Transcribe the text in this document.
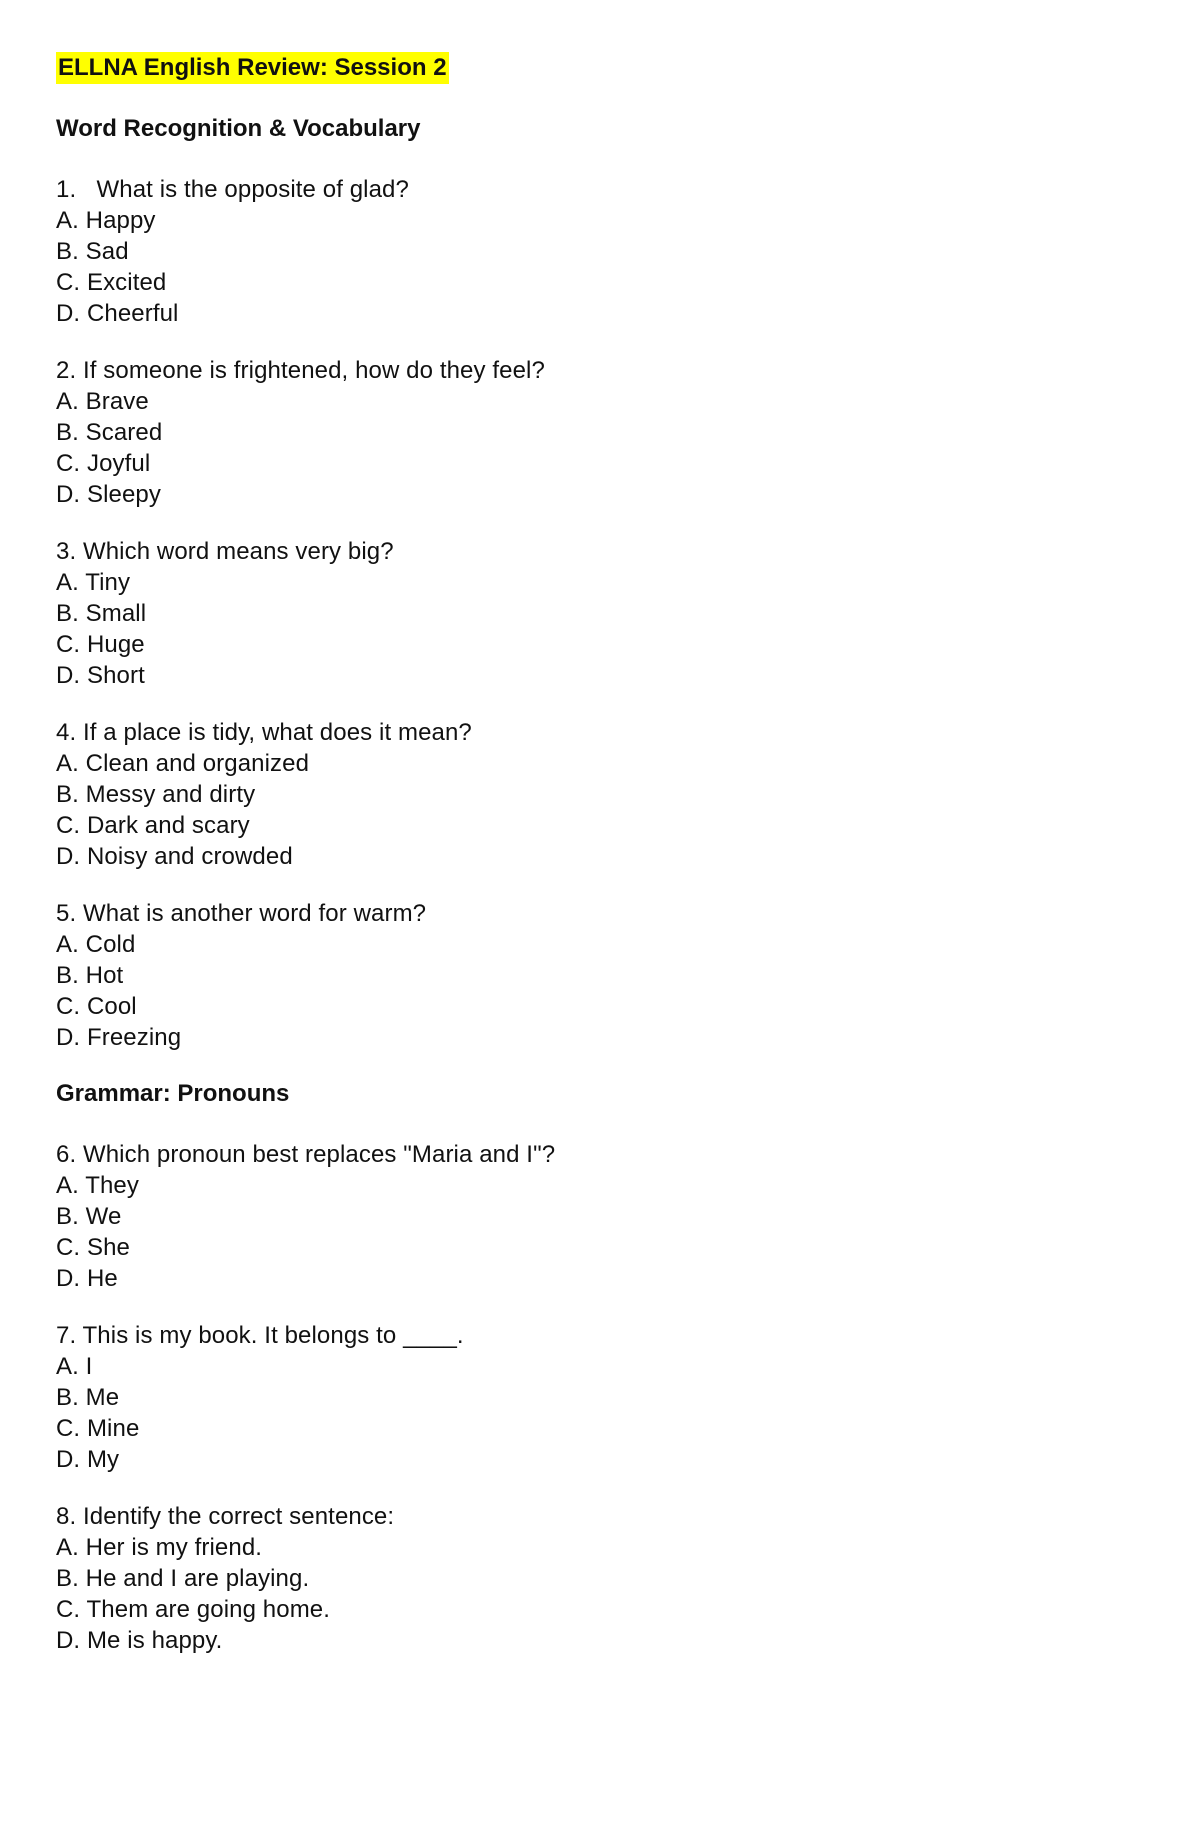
ELLNA English Review: Session 2
Word Recognition & Vocabulary
1.   What is the opposite of glad?
A. Happy
B. Sad
C. Excited
D. Cheerful
2. If someone is frightened, how do they feel?
A. Brave
B. Scared
C. Joyful
D. Sleepy
3. Which word means very big?
A. Tiny
B. Small
C. Huge
D. Short
4. If a place is tidy, what does it mean?
A. Clean and organized
B. Messy and dirty
C. Dark and scary
D. Noisy and crowded
5. What is another word for warm?
A. Cold
B. Hot
C. Cool
D. Freezing
Grammar: Pronouns
6. Which pronoun best replaces "Maria and I"?
A. They
B. We
C. She
D. He
7. This is my book. It belongs to ____.
A. I
B. Me
C. Mine
D. My
8. Identify the correct sentence:
A. Her is my friend.
B. He and I are playing.
C. Them are going home.
D. Me is happy.
